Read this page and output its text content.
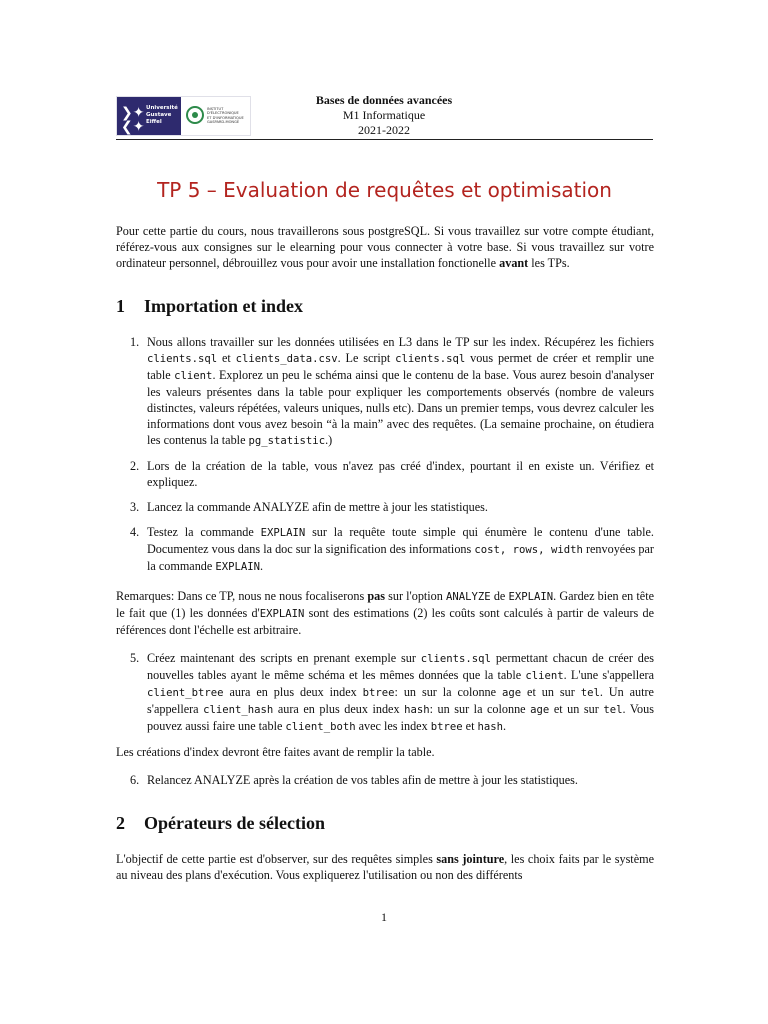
❯✦
❮✦
Université
Gustave
Eiffel
INSTITUT
D'ÉLECTRONIQUE
ET D'INFORMATIQUE
GASPARD-MONGE
Bases de données avancées
M1 Informatique
2021-2022
TP 5 – Evaluation de requêtes et optimisation

Pour cette partie du cours, nous travaillerons sous postgreSQL. Si vous travaillez sur votre compte étudiant, référez-vous aux consignes sur le elearning pour vous connecter à votre base. Si vous travaillez sur votre ordinateur personnel, débrouillez vous pour avoir une installation fonctionelle avant les TPs.

1 Importation et index
1. Nous allons travailler sur les données utilisées en L3 dans le TP sur les index. Récupérez les fichiers clients.sql et clients_data.csv. Le script clients.sql vous permet de créer et remplir une table client. Explorez un peu le schéma ainsi que le contenu de la base. Vous aurez besoin d'analyser les valeurs présentes dans la table pour expliquer les comportements observés (nombre de valeurs distinctes, valeurs répétées, valeurs uniques, nulls etc). Dans un premier temps, vous devrez calculer les informations dont vous avez besoin “à la main” avec des requêtes. (La semaine prochaine, on étudiera les contenus la table pg_statistic.)
2. Lors de la création de la table, vous n'avez pas créé d'index, pourtant il en existe un. Vérifiez et expliquez.
3. Lancez la commande ANALYZE afin de mettre à jour les statistiques.
4. Testez la commande EXPLAIN sur la requête toute simple qui énumère le contenu d'une table. Documentez vous dans la doc sur la signification des informations cost, rows, width renvoyées par la commande EXPLAIN.

Remarques: Dans ce TP, nous ne nous focaliserons pas sur l'option ANALYZE de EXPLAIN. Gardez bien en tête le fait que (1) les données d'EXPLAIN sont des estimations (2) les coûts sont calculés à partir de valeurs de références dont l'échelle est arbitraire.

5. Créez maintenant des scripts en prenant exemple sur clients.sql permettant chacun de créer des nouvelles tables ayant le même schéma et les mêmes données que la table client. L'une s'appellera client_btree aura en plus deux index btree: un sur la colonne age et un sur tel. Un autre s'appellera client_hash aura en plus deux index hash: un sur la colonne age et un sur tel. Vous pouvez aussi faire une table client_both avec les index btree et hash.

Les créations d'index devront être faites avant de remplir la table.

6. Relancez ANALYZE après la création de vos tables afin de mettre à jour les statistiques.
2 Opérateurs de sélection

L'objectif de cette partie est d'observer, sur des requêtes simples sans jointure, les choix faits par le système au niveau des plans d'exécution. Vous expliquerez l'utilisation ou non des différents

1
